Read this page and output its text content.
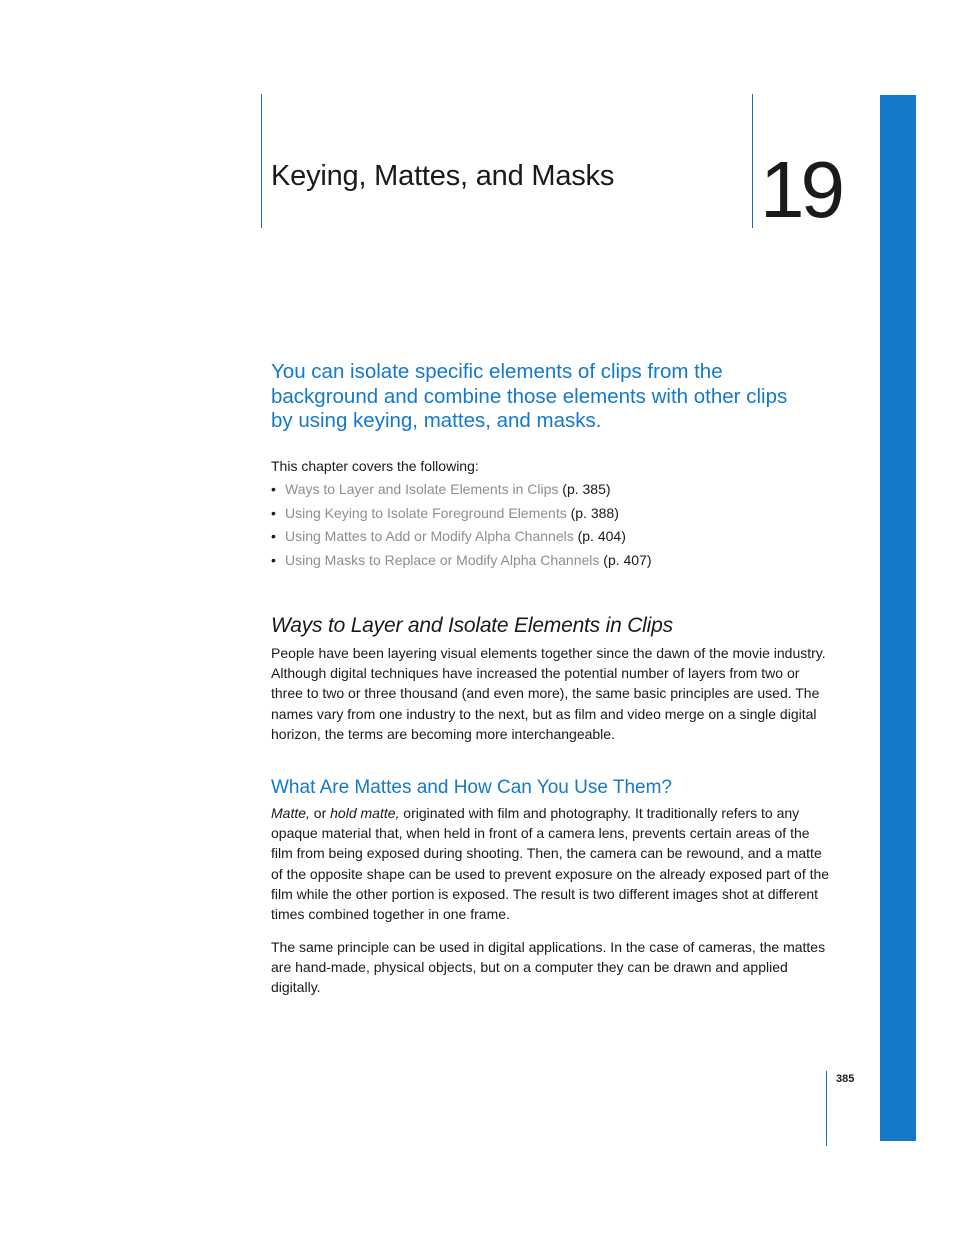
Keying, Mattes, and Masks 19

You can isolate specific elements of clips from the background and combine those elements with other clips by using keying, mattes, and masks.

This chapter covers the following:

• Ways to Layer and Isolate Elements in Clips (p. 385)
• Using Keying to Isolate Foreground Elements (p. 388)
• Using Mattes to Add or Modify Alpha Channels (p. 404)
• Using Masks to Replace or Modify Alpha Channels (p. 407)
Ways to Layer and Isolate Elements in Clips

People have been layering visual elements together since the dawn of the movie industry. Although digital techniques have increased the potential number of layers from two or three to two or three thousand (and even more), the same basic principles are used. The names vary from one industry to the next, but as film and video merge on a single digital horizon, the terms are becoming more interchangeable.

What Are Mattes and How Can You Use Them?

Matte, or hold matte, originated with film and photography. It traditionally refers to any opaque material that, when held in front of a camera lens, prevents certain areas of the film from being exposed during shooting. Then, the camera can be rewound, and a matte of the opposite shape can be used to prevent exposure on the already exposed part of the film while the other portion is exposed. The result is two different images shot at different times combined together in one frame.

The same principle can be used in digital applications. In the case of cameras, the mattes are hand-made, physical objects, but on a computer they can be drawn and applied digitally.

385
